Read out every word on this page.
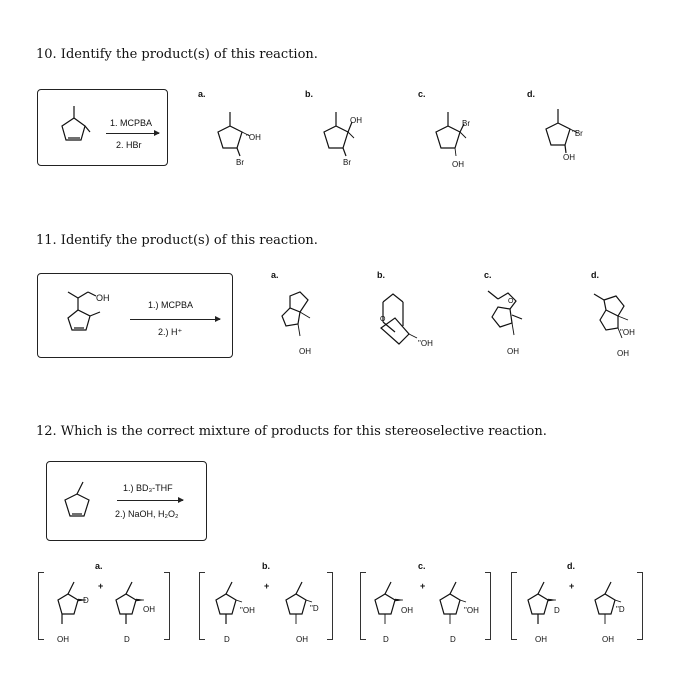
10. Identify the product(s) of this reaction.
1. MCPBA
2. HBr
a.
"OH
Br
b.
OH
Br
c.
Br
OH
d.
"Br
OH
11. Identify the product(s) of this reaction.
OH
1.) MCPBA
2.) H⁺
a.
OH
b.
O
"OH
c.
O
OH
d.
"OH
OH
12. Which is the correct mixture of products for this stereoselective reaction.
1.) BD₃-THF
2.) NaOH, H₂O₂
a.
D
OH
+
OH
D
b.
"OH
D
+
"D
OH
c.
OH
D
+
"OH
D
d.
D
OH
+
"D
OH
